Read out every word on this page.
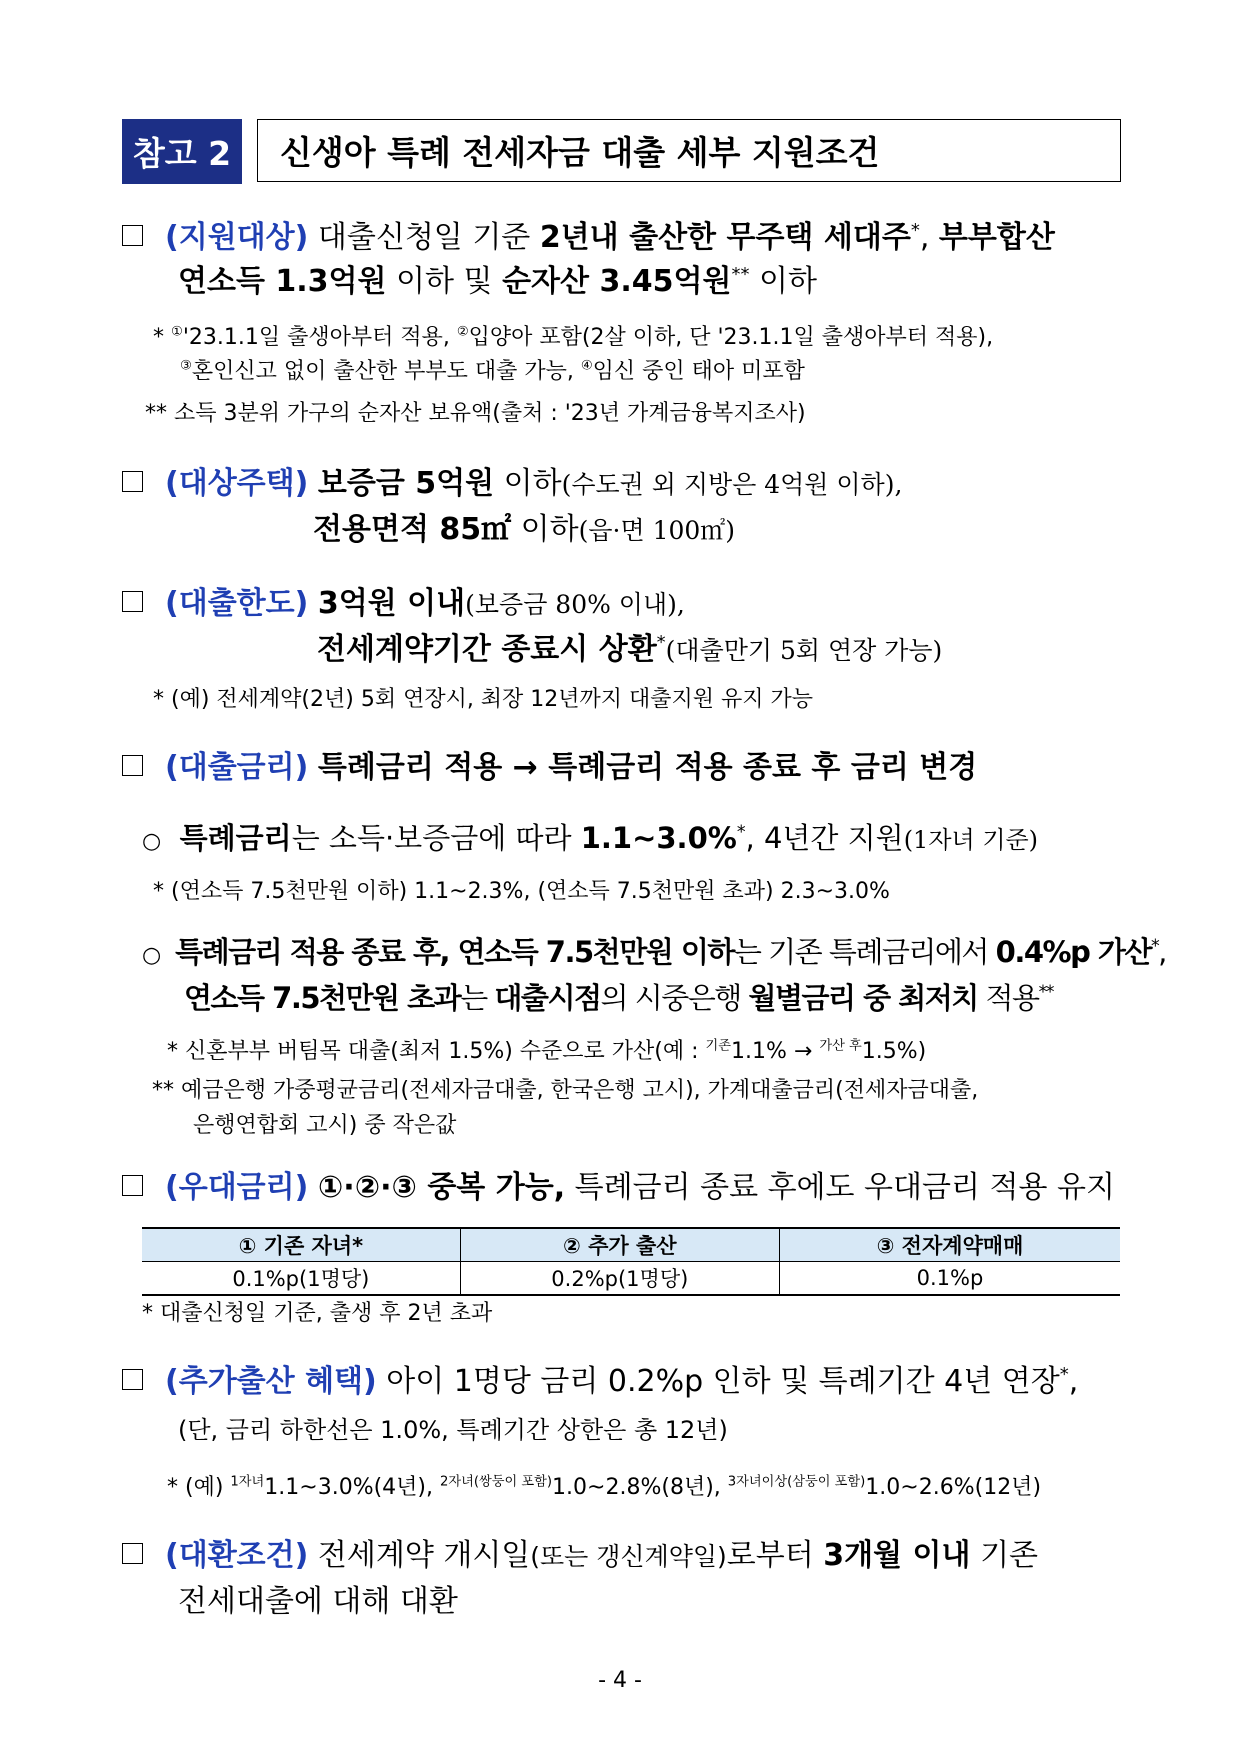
참고 2	신생아 특례 전세자금 대출 세부 지원조건
(지원대상) 대출신청일 기준 2년내 출산한 무주택 세대주*, 부부합산
연소득 1.3억원 이하 및 순자산 3.45억원** 이하
* ①'23.1.1일 출생아부터 적용, ②입양아 포함(2살 이하, 단 '23.1.1일 출생아부터 적용),
③혼인신고 없이 출산한 부부도 대출 가능, ④임신 중인 태아 미포함
** 소득 3분위 가구의 순자산 보유액(출처 : '23년 가계금융복지조사)
(대상주택) 보증금 5억원 이하(수도권 외 지방은 4억원 이하),
전용면적 85㎡ 이하(읍·면 100㎡)
(대출한도) 3억원 이내(보증금 80% 이내),
전세계약기간 종료시 상환*(대출만기 5회 연장 가능)
* (예) 전세계약(2년) 5회 연장시, 최장 12년까지 대출지원 유지 가능
(대출금리) 특례금리 적용 → 특례금리 적용 종료 후 금리 변경
○ 특례금리는 소득·보증금에 따라 1.1~3.0%*, 4년간 지원(1자녀 기준)
* (연소득 7.5천만원 이하) 1.1~2.3%, (연소득 7.5천만원 초과) 2.3~3.0%
○ 특례금리 적용 종료 후, 연소득 7.5천만원 이하는 기존 특례금리에서 0.4%p 가산*,
연소득 7.5천만원 초과는 대출시점의 시중은행 월별금리 중 최저치 적용**
* 신혼부부 버팀목 대출(최저 1.5%) 수준으로 가산(예 : $^{기존}$1.1% → $^{가산 후}$1.5%)
** 예금은행 가중평균금리(전세자금대출, 한국은행 고시), 가계대출금리(전세자금대출,
은행연합회 고시) 중 작은값
(우대금리) ①·②·③ 중복 가능, 특례금리 종료 후에도 우대금리 적용 유지
① 기존 자녀*	② 추가 출산	③ 전자계약매매
0.1%p(1명당)	0.2%p(1명당)	0.1%p
* 대출신청일 기준, 출생 후 2년 초과
(추가출산 혜택) 아이 1명당 금리 0.2%p 인하 및 특례기간 4년 연장*,
(단, 금리 하한선은 1.0%, 특례기간 상한은 총 12년)
* (예) $^{1자녀}$1.1~3.0%(4년), $^{2자녀(쌍둥이 포함)}$1.0~2.8%(8년), $^{3자녀이상(삼둥이 포함)}$1.0~2.6%(12년)
(대환조건) 전세계약 개시일(또는 갱신계약일)로부터 3개월 이내 기존
전세대출에 대해 대환
- 4 -
